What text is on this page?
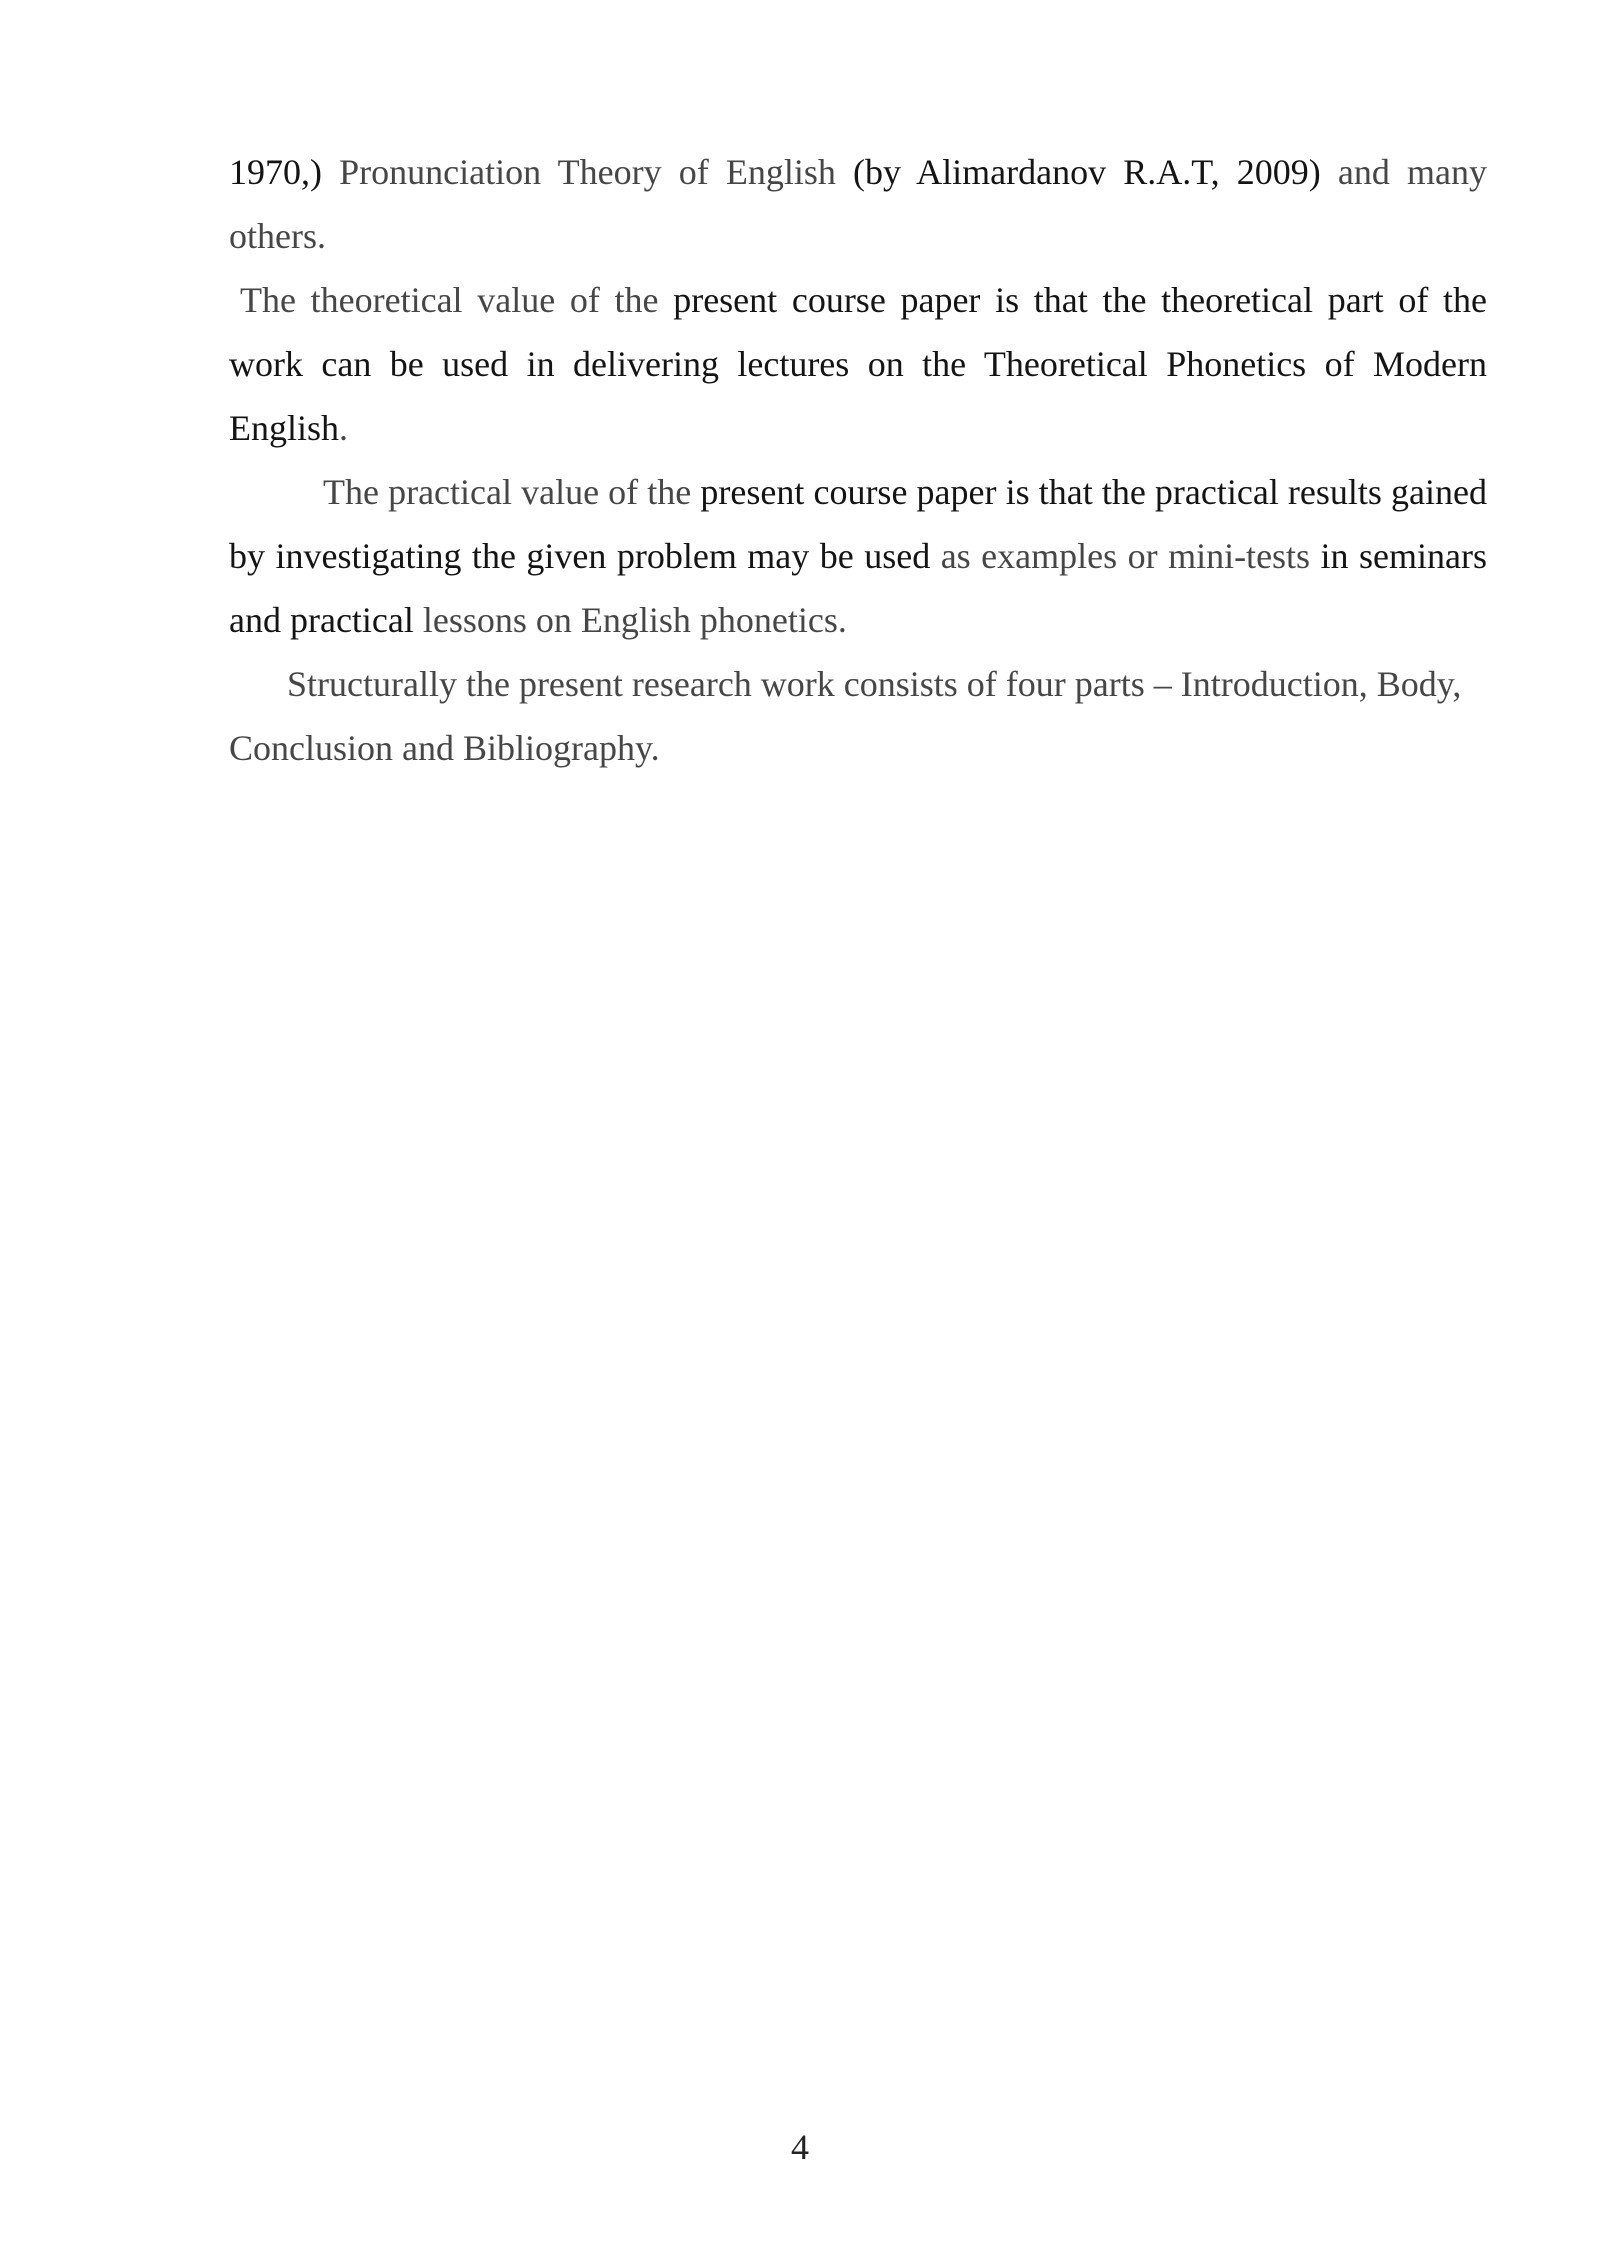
1970,) Pronunciation Theory of English (by Alimardanov R.A.T, 2009) and many others.

The theoretical value of the present course paper is that the theoretical part of the work can be used in delivering lectures on the Theoretical Phonetics of Modern English.

The practical value of the present course paper is that the practical results gained by investigating the given problem may be used as examples or mini-tests in seminars and practical lessons on English phonetics.

Structurally the present research work consists of four parts – Introduction, Body, Conclusion and Bibliography.

4
